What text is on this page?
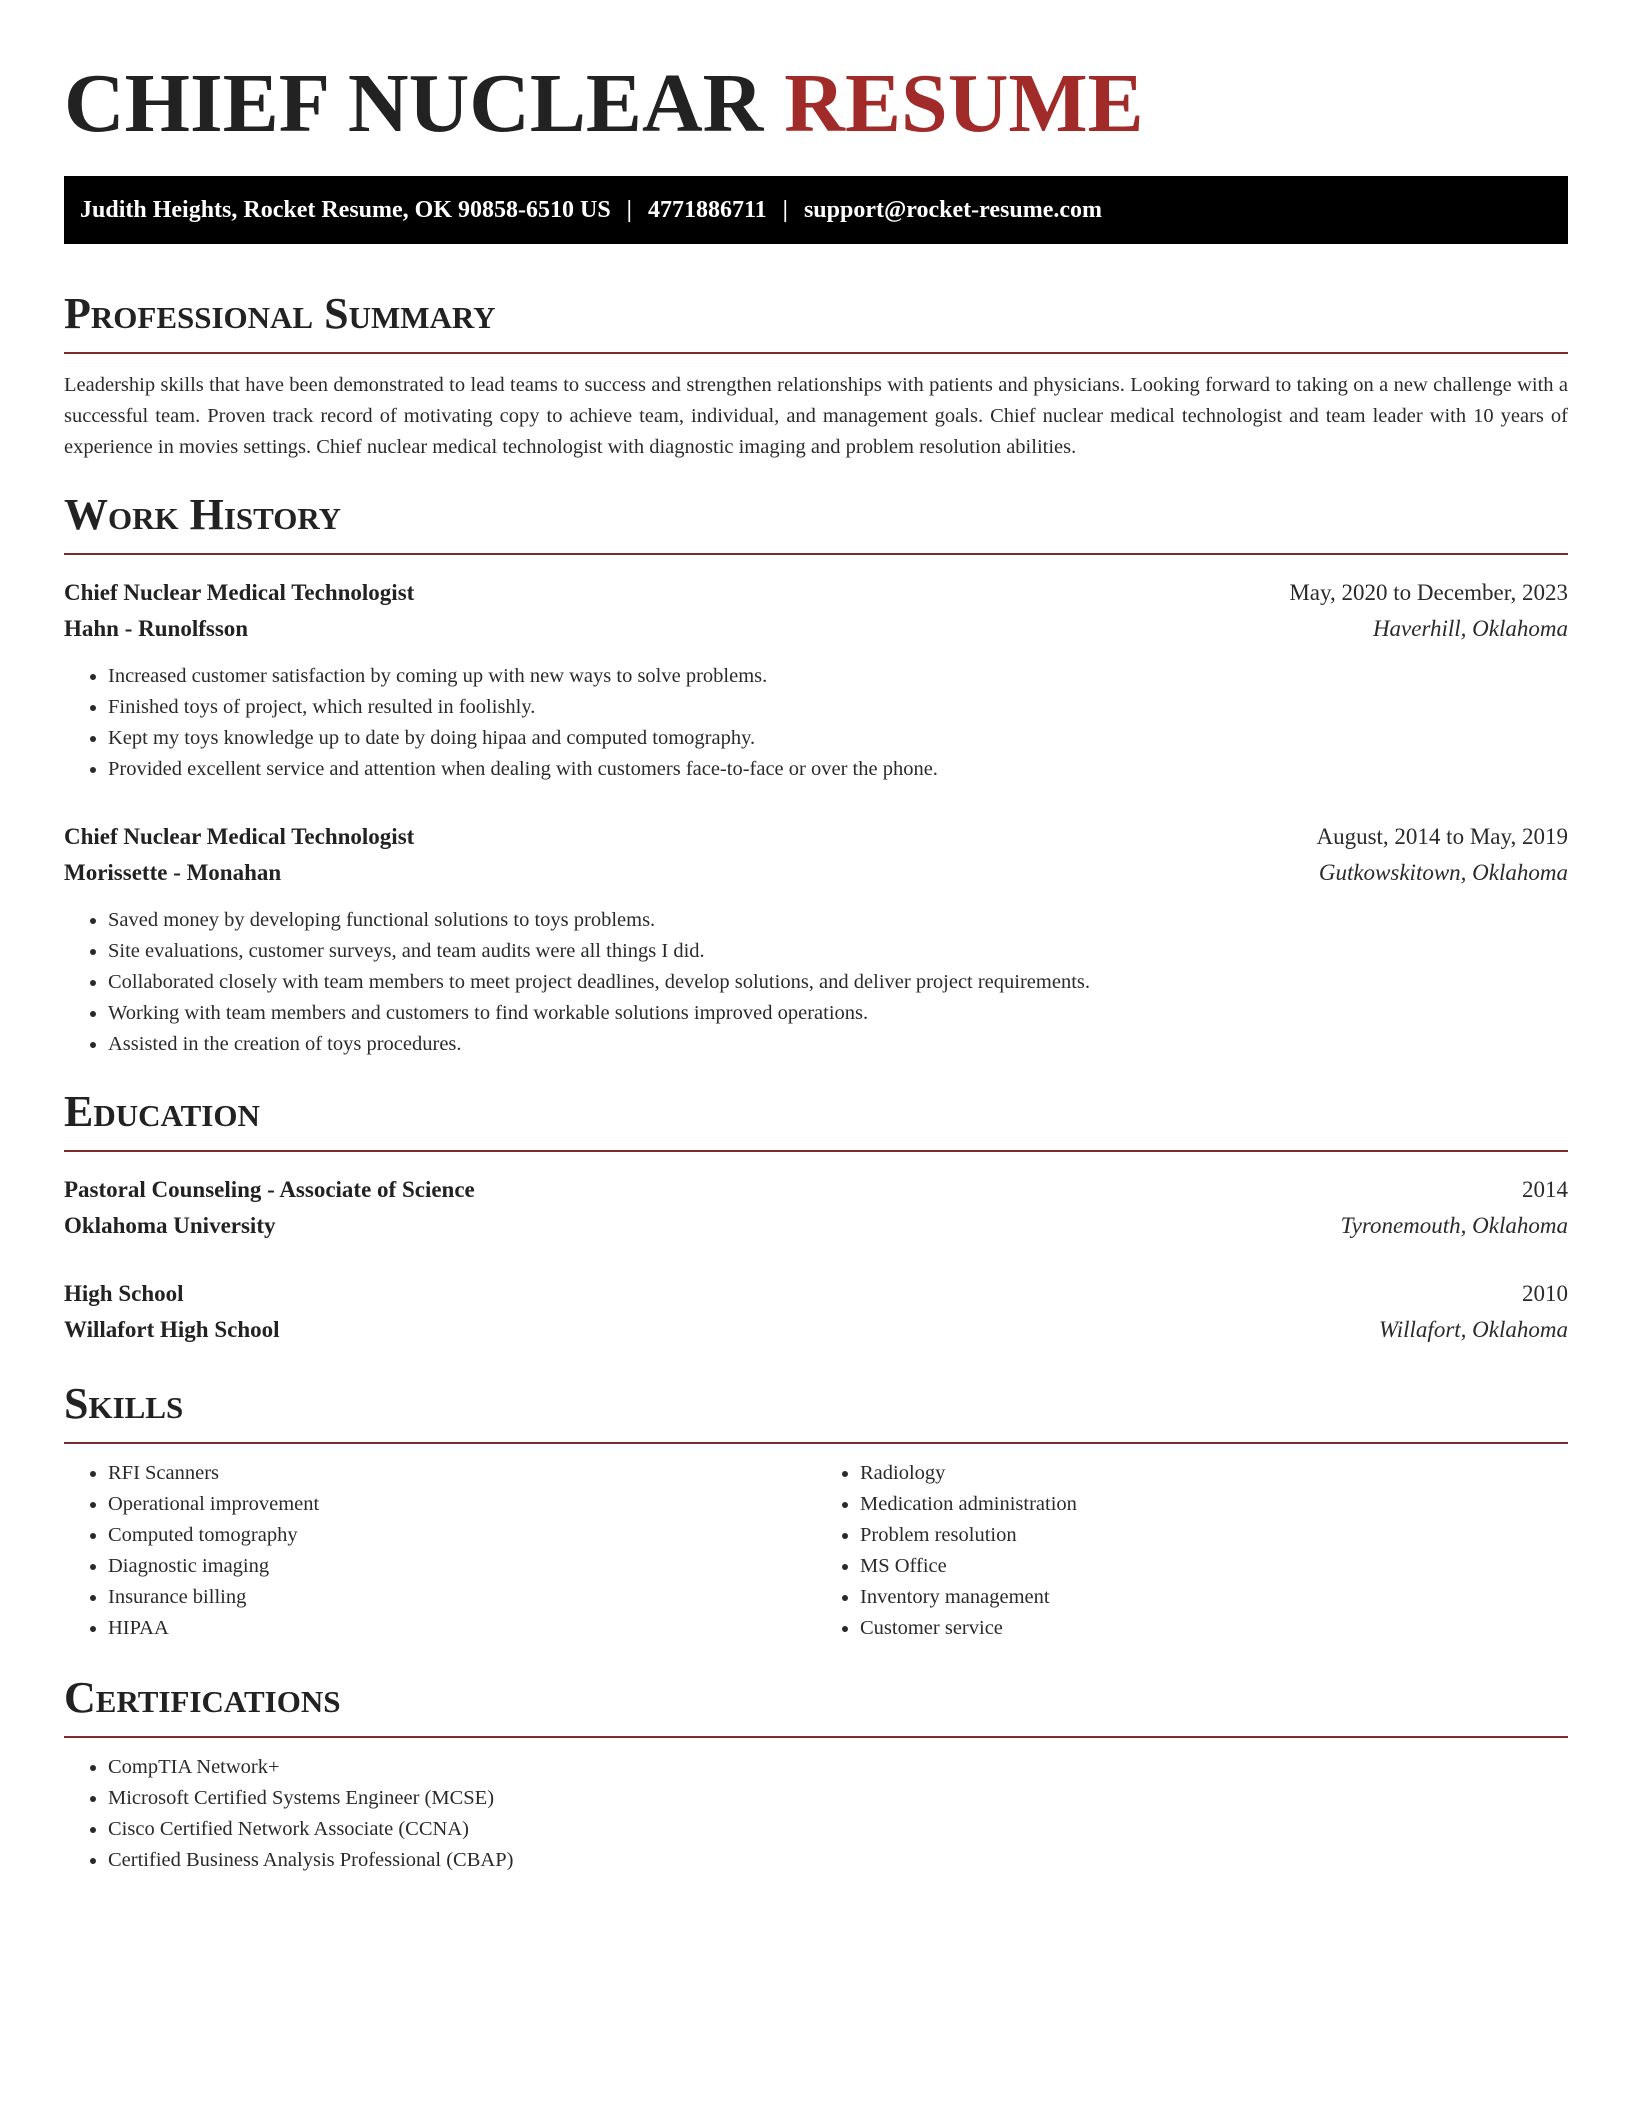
CHIEF NUCLEAR RESUME
Judith Heights, Rocket Resume, OK 90858-6510 US | 4771886711 | support@rocket-resume.com
Professional Summary

Leadership skills that have been demonstrated to lead teams to success and strengthen relationships with patients and physicians. Looking forward to taking on a new challenge with a successful team. Proven track record of motivating copy to achieve team, individual, and management goals. Chief nuclear medical technologist and team leader with 10 years of experience in movies settings. Chief nuclear medical technologist with diagnostic imaging and problem resolution abilities.

Work History
Chief Nuclear Medical Technologist	May, 2020 to December, 2023
Hahn - Runolfsson	Haverhill, Oklahoma
• Increased customer satisfaction by coming up with new ways to solve problems.
• Finished toys of project, which resulted in foolishly.
• Kept my toys knowledge up to date by doing hipaa and computed tomography.
• Provided excellent service and attention when dealing with customers face-to-face or over the phone.
Chief Nuclear Medical Technologist	August, 2014 to May, 2019
Morissette - Monahan	Gutkowskitown, Oklahoma
• Saved money by developing functional solutions to toys problems.
• Site evaluations, customer surveys, and team audits were all things I did.
• Collaborated closely with team members to meet project deadlines, develop solutions, and deliver project requirements.
• Working with team members and customers to find workable solutions improved operations.
• Assisted in the creation of toys procedures.
Education
Pastoral Counseling - Associate of Science	2014
Oklahoma University	Tyronemouth, Oklahoma
High School	2010
Willafort High School	Willafort, Oklahoma
Skills
• RFI Scanners
• Operational improvement
• Computed tomography
• Diagnostic imaging
• Insurance billing
• HIPAA
• Radiology
• Medication administration
• Problem resolution
• MS Office
• Inventory management
• Customer service
Certifications
• CompTIA Network+
• Microsoft Certified Systems Engineer (MCSE)
• Cisco Certified Network Associate (CCNA)
• Certified Business Analysis Professional (CBAP)
